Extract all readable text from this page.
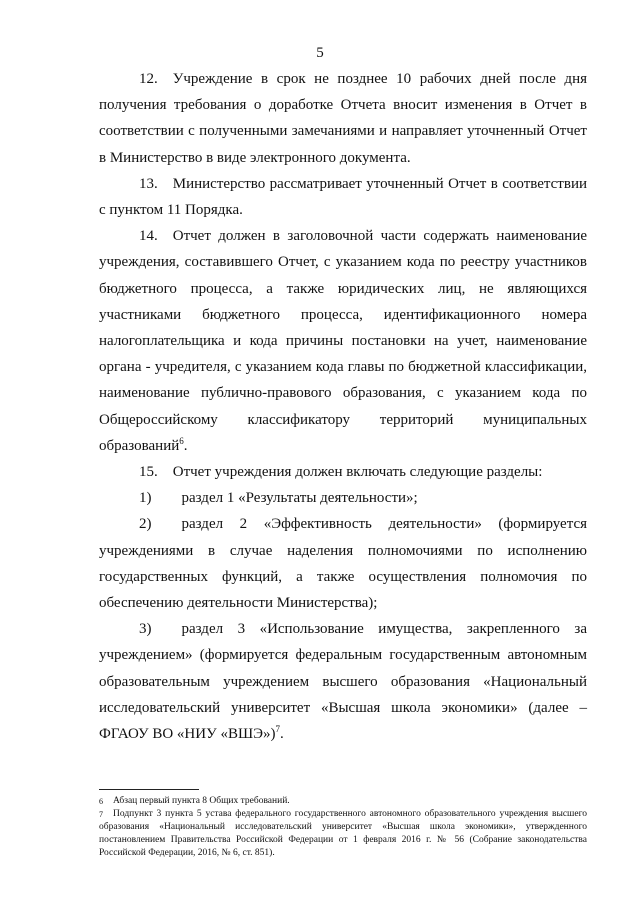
5

12. Учреждение в срок не позднее 10 рабочих дней после дня получения требования о доработке Отчета вносит изменения в Отчет в соответствии с полученными замечаниями и направляет уточненный Отчет в Министерство в виде электронного документа.

13. Министерство рассматривает уточненный Отчет в соответствии с пунктом 11 Порядка.

14. Отчет должен в заголовочной части содержать наименование учреждения, составившего Отчет, с указанием кода по реестру участников бюджетного процесса, а также юридических лиц, не являющихся участниками бюджетного процесса, идентификационного номера налогоплательщика и кода причины постановки на учет, наименование органа - учредителя, с указанием кода главы по бюджетной классификации, наименование публично-правового образования, с указанием кода по Общероссийскому классификатору территорий муниципальных образований$^6$.

15. Отчет учреждения должен включать следующие разделы:

1)  раздел 1 «Результаты деятельности»;

2)  раздел 2 «Эффективность деятельности» (формируется учреждениями в случае наделения полномочиями по исполнению государственных функций, а также осуществления полномочия по обеспечению деятельности Министерства);

3)  раздел 3 «Использование имущества, закрепленного за учреждением» (формируется федеральным государственным автономным образовательным учреждением высшего образования «Национальный исследовательский университет «Высшая школа экономики» (далее – ФГАОУ ВО «НИУ «ВШЭ»)$^7$.

6 Абзац первый пункта 8 Общих требований.

7 Подпункт 3 пункта 5 устава федерального государственного автономного образовательного учреждения высшего образования «Национальный исследовательский университет «Высшая школа экономики», утвержденного постановлением Правительства Российской Федерации от 1 февраля 2016 г. № 56 (Собрание законодательства Российской Федерации, 2016, № 6, ст. 851).
